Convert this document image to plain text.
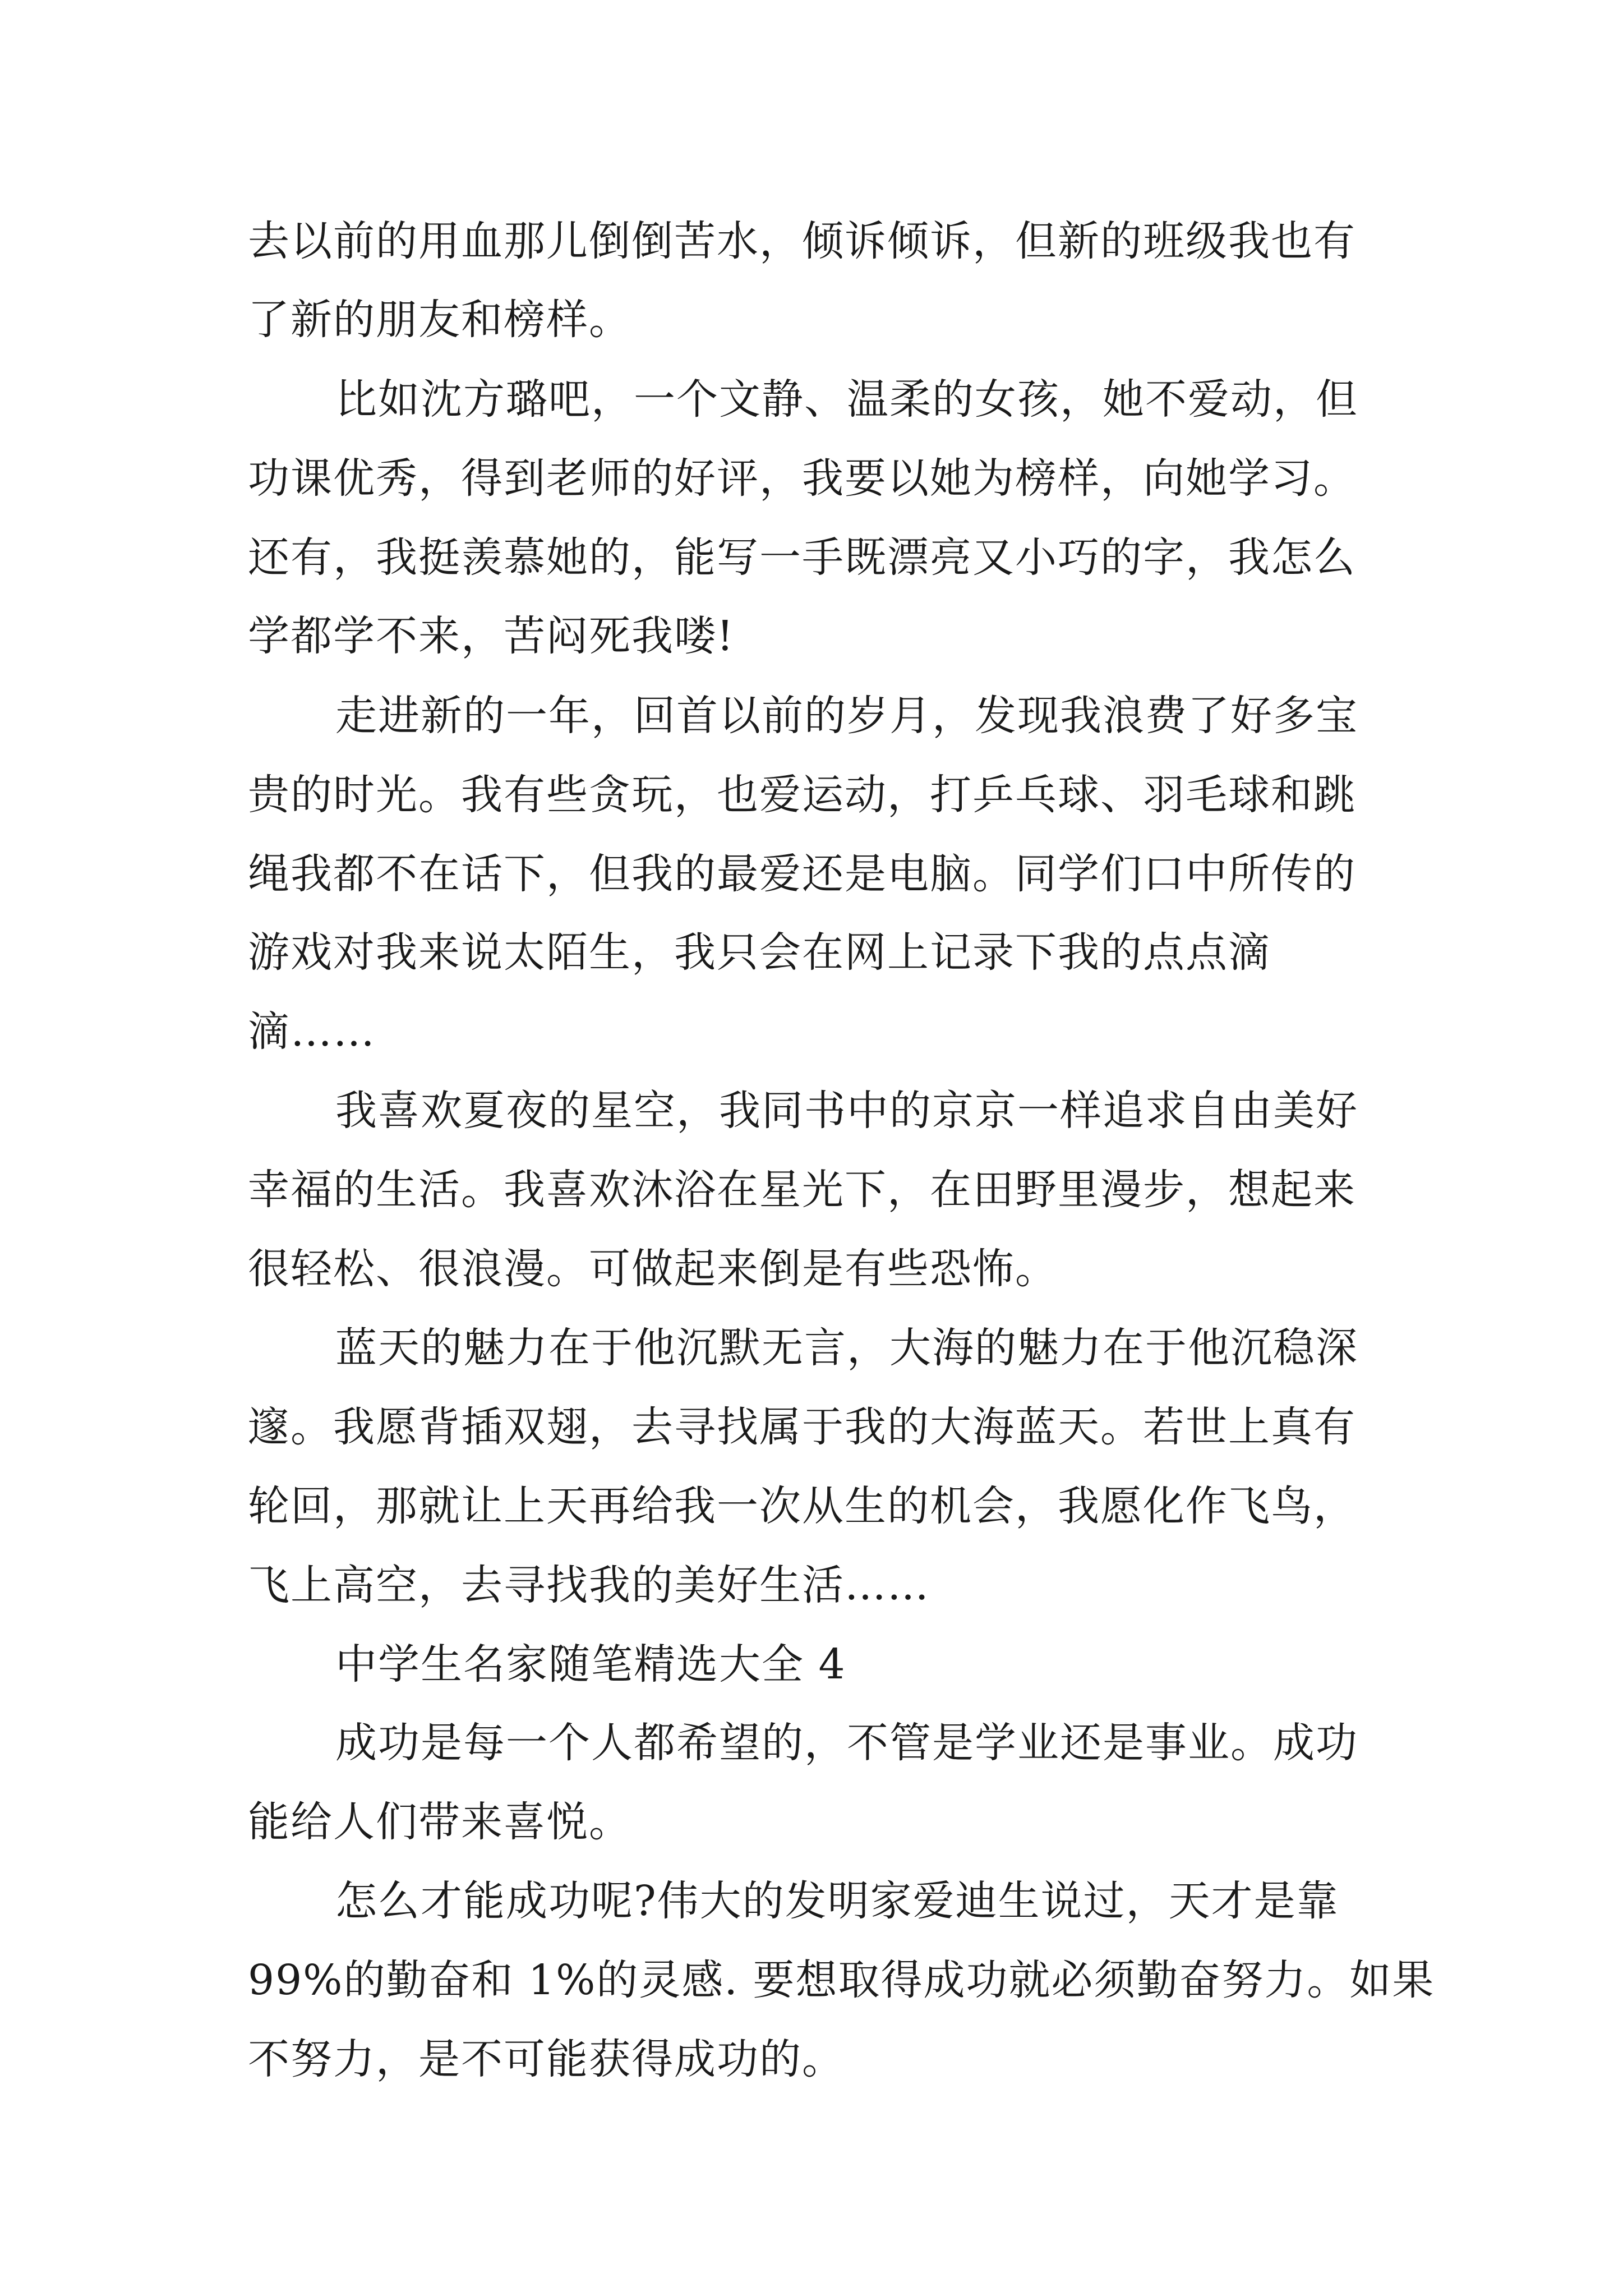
去以前的用血那儿倒倒苦水，倾诉倾诉，但新的班级我也有

了新的朋友和榜样。

比如沈方璐吧，一个文静、温柔的女孩，她不爱动，但

功课优秀，得到老师的好评，我要以她为榜样，向她学习。

还有，我挺羡慕她的，能写一手既漂亮又小巧的字，我怎么

学都学不来，苦闷死我喽!

走进新的一年，回首以前的岁月，发现我浪费了好多宝

贵的时光。我有些贪玩，也爱运动，打乒乓球、羽毛球和跳

绳我都不在话下，但我的最爱还是电脑。同学们口中所传的

游戏对我来说太陌生，我只会在网上记录下我的点点滴

滴……

我喜欢夏夜的星空，我同书中的京京一样追求自由美好

幸福的生活。我喜欢沐浴在星光下，在田野里漫步，想起来

很轻松、很浪漫。可做起来倒是有些恐怖。

蓝天的魅力在于他沉默无言，大海的魅力在于他沉稳深

邃。我愿背插双翅，去寻找属于我的大海蓝天。若世上真有

轮回，那就让上天再给我一次从生的机会，我愿化作飞鸟，

飞上高空，去寻找我的美好生活……

中学生名家随笔精选大全 4

成功是每一个人都希望的，不管是学业还是事业。成功

能给人们带来喜悦。

怎么才能成功呢?伟大的发明家爱迪生说过，天才是靠

99%的勤奋和 1%的灵感. 要想取得成功就必须勤奋努力。如果

不努力，是不可能获得成功的。
